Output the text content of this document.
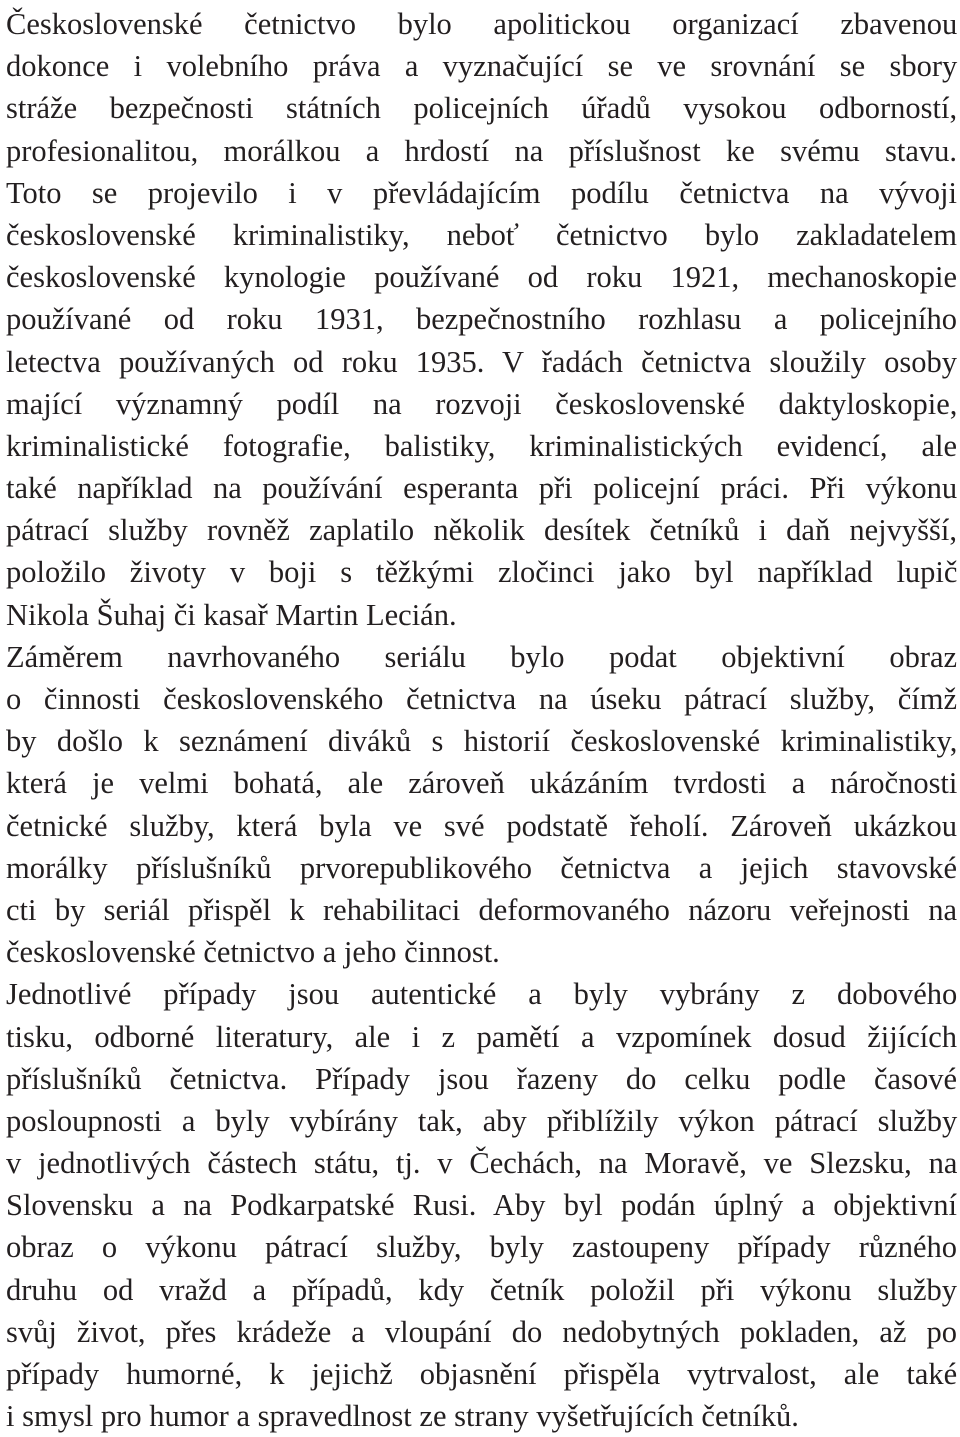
Československé četnictvo bylo apolitickou organizací zbavenou
dokonce i volebního práva a vyznačující se ve srovnání se sbory
stráže bezpečnosti státních policejních úřadů vysokou odborností,
profesionalitou, morálkou a hrdostí na příslušnost ke svému stavu.
Toto se projevilo i v převládajícím podílu četnictva na vývoji
československé kriminalistiky, neboť četnictvo bylo zakladatelem
československé kynologie používané od roku 1921, mechanoskopie
používané od roku 1931, bezpečnostního rozhlasu a policejního
letectva používaných od roku 1935. V řadách četnictva sloužily osoby
mající významný podíl na rozvoji československé daktyloskopie,
kriminalistické fotografie, balistiky, kriminalistických evidencí, ale
také například na používání esperanta při policejní práci. Při výkonu
pátrací služby rovněž zaplatilo několik desítek četníků i daň nejvyšší,
položilo životy v boji s těžkými zločinci jako byl například lupič
Nikola Šuhaj či kasař Martin Lecián.
Záměrem navrhovaného seriálu bylo podat objektivní obraz
o činnosti československého četnictva na úseku pátrací služby, čímž
by došlo k seznámení diváků s historií československé kriminalistiky,
která je velmi bohatá, ale zároveň ukázáním tvrdosti a náročnosti
četnické služby, která byla ve své podstatě řeholí. Zároveň ukázkou
morálky příslušníků prvorepublikového četnictva a jejich stavovské
cti by seriál přispěl k rehabilitaci deformovaného názoru veřejnosti na
československé četnictvo a jeho činnost.
Jednotlivé případy jsou autentické a byly vybrány z dobového
tisku, odborné literatury, ale i z pamětí a vzpomínek dosud žijících
příslušníků četnictva. Případy jsou řazeny do celku podle časové
posloupnosti a byly vybírány tak, aby přiblížily výkon pátrací služby
v jednotlivých částech státu, tj. v Čechách, na Moravě, ve Slezsku, na
Slovensku a na Podkarpatské Rusi. Aby byl podán úplný a objektivní
obraz o výkonu pátrací služby, byly zastoupeny případy různého
druhu od vražd a případů, kdy četník položil při výkonu služby
svůj život, přes krádeže a vloupání do nedobytných pokladen, až po
případy humorné, k jejichž objasnění přispěla vytrvalost, ale také
i smysl pro humor a spravedlnost ze strany vyšetřujících četníků.
